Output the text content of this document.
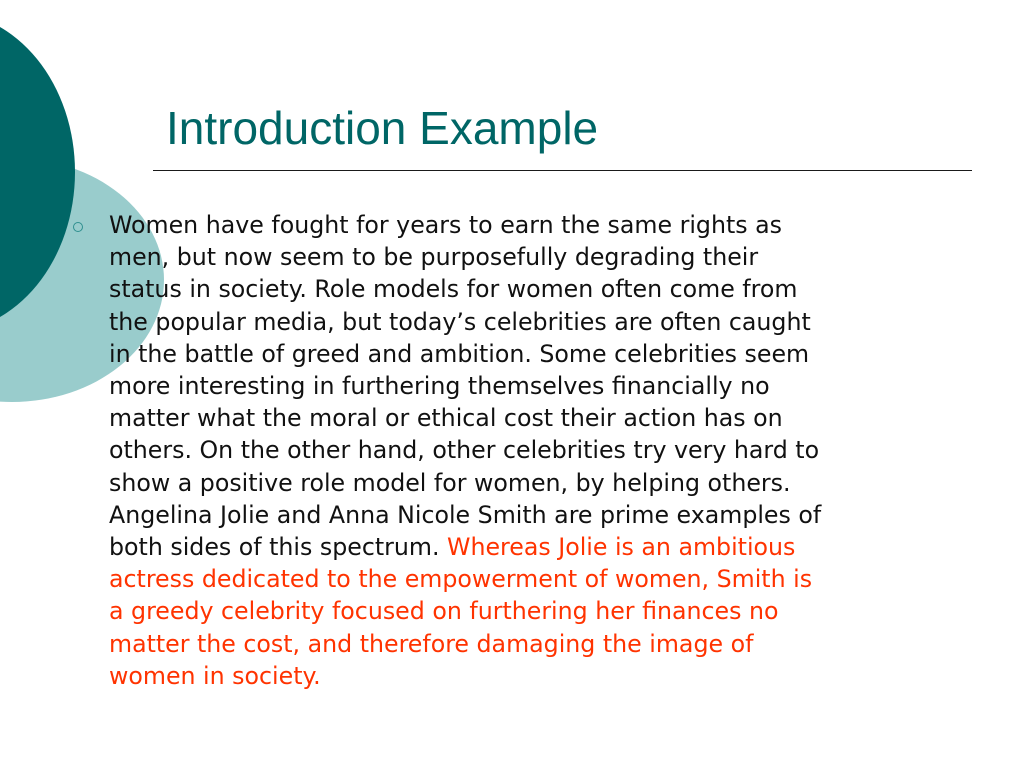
Introduction Example

Women have fought for years to earn the same rights as
men, but now seem to be purposefully degrading their
status in society. Role models for women often come from
the popular media, but today’s celebrities are often caught
in the battle of greed and ambition. Some celebrities seem
more interesting in furthering themselves financially no
matter what the moral or ethical cost their action has on
others. On the other hand, other celebrities try very hard to
show a positive role model for women, by helping others.
Angelina Jolie and Anna Nicole Smith are prime examples of
both sides of this spectrum. Whereas Jolie is an ambitious
actress dedicated to the empowerment of women, Smith is
a greedy celebrity focused on furthering her finances no
matter the cost, and therefore damaging the image of
women in society.
